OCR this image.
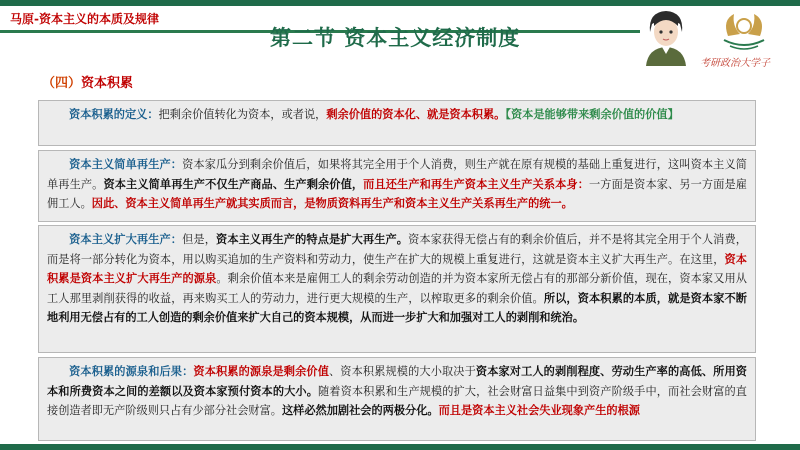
马原-资本主义的本质及规律
第二节 资本主义经济制度
考研政治大学子
（四）资本积累
资本积累的定义：把剩余价值转化为资本，或者说，剩余价值的资本化、就是资本积累。【资本是能够带来剩余价值的价值】
资本主义简单再生产：资本家瓜分到剩余价值后，如果将其完全用于个人消费，则生产就在原有规模的基础上重复进行，这叫资本主义简单再生产。资本主义简单再生产不仅生产商品、生产剩余价值，而且还生产和再生产资本主义生产关系本身：一方面是资本家、另一方面是雇佣工人。因此、资本主义简单再生产就其实质而言，是物质资料再生产和资本主义生产关系再生产的统一。
资本主义扩大再生产：但是，资本主义再生产的特点是扩大再生产。资本家获得无偿占有的剩余价值后，并不是将其完全用于个人消费，而是将一部分转化为资本，用以购买追加的生产资料和劳动力，使生产在扩大的规模上重复进行，这就是资本主义扩大再生产。在这里，资本积累是资本主义扩大再生产的源泉。剩余价值本来是雇佣工人的剩余劳动创造的并为资本家所无偿占有的那部分新价值，现在，资本家又用从工人那里剥削获得的收益，再来购买工人的劳动力，进行更大规模的生产，以榨取更多的剩余价值。所以，资本积累的本质，就是资本家不断地利用无偿占有的工人创造的剩余价值来扩大自己的资本规模，从而进一步扩大和加强对工人的剥削和统治。
资本积累的源泉和后果：资本积累的源泉是剩余价值、资本积累规模的大小取决于资本家对工人的剥削程度、劳动生产率的高低、所用资本和所费资本之间的差额以及资本家预付资本的大小。随着资本积累和生产规模的扩大，社会财富日益集中到资产阶级手中，而社会财富的直接创造者即无产阶级则只占有少部分社会财富。这样必然加剧社会的两极分化。而且是资本主义社会失业现象产生的根源
